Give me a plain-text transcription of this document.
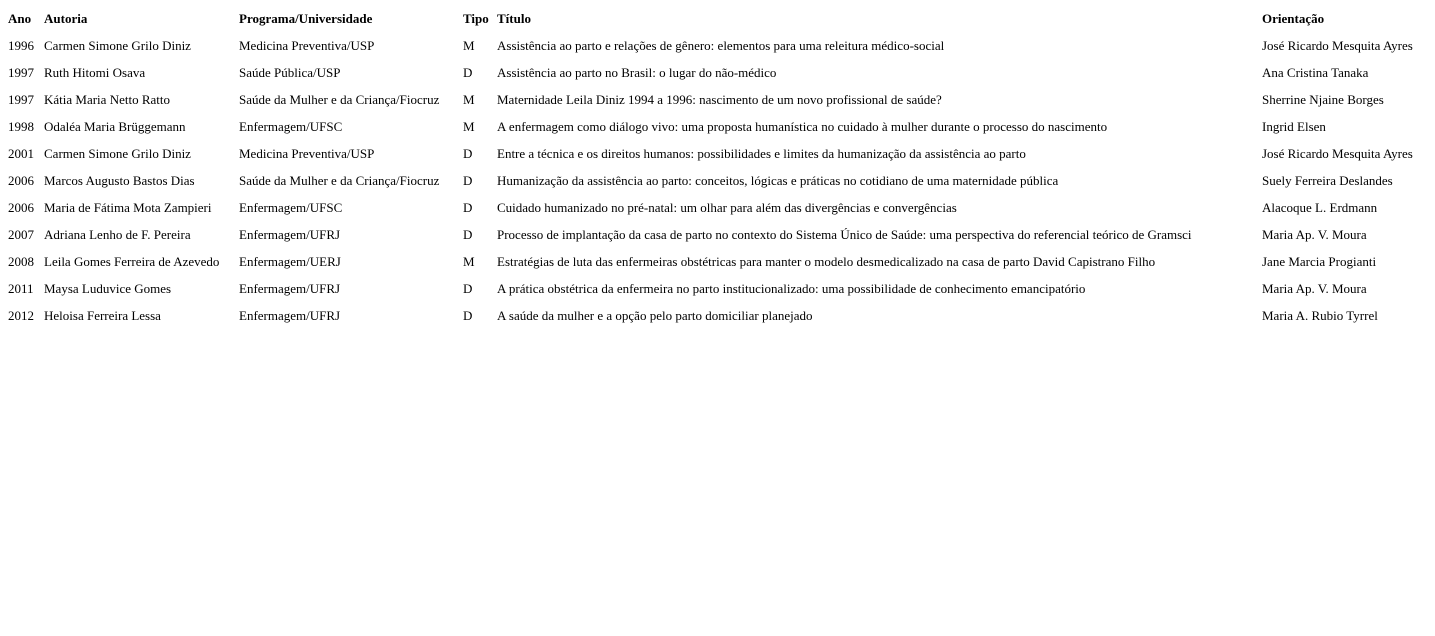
Ano	Autoria	Programa/Universidade	Tipo	Título	Orientação
1996	Carmen Simone Grilo Diniz	Medicina Preventiva/USP	M	Assistência ao parto e relações de gênero: elementos para uma releitura médico-social	José Ricardo Mesquita Ayres
1997	Ruth Hitomi Osava	Saúde Pública/USP	D	Assistência ao parto no Brasil: o lugar do não-médico	Ana Cristina Tanaka
1997	Kátia Maria Netto Ratto	Saúde da Mulher e da Criança/Fiocruz	M	Maternidade Leila Diniz 1994 a 1996: nascimento de um novo profissional de saúde?	Sherrine Njaine Borges
1998	Odaléa Maria Brüggemann	Enfermagem/UFSC	M	A enfermagem como diálogo vivo: uma proposta humanística no cuidado à mulher durante o processo do nascimento	Ingrid Elsen
2001	Carmen Simone Grilo Diniz	Medicina Preventiva/USP	D	Entre a técnica e os direitos humanos: possibilidades e limites da humanização da assistência ao parto	José Ricardo Mesquita Ayres
2006	Marcos Augusto Bastos Dias	Saúde da Mulher e da Criança/Fiocruz	D	Humanização da assistência ao parto: conceitos, lógicas e práticas no cotidiano de uma maternidade pública	Suely Ferreira Deslandes
2006	Maria de Fátima Mota Zampieri	Enfermagem/UFSC	D	Cuidado humanizado no pré-natal: um olhar para além das divergências e convergências	Alacoque L. Erdmann
2007	Adriana Lenho de F. Pereira	Enfermagem/UFRJ	D	Processo de implantação da casa de parto no contexto do Sistema Único de Saúde: uma perspectiva do referencial teórico de Gramsci	Maria Ap. V. Moura
2008	Leila Gomes Ferreira de Azevedo	Enfermagem/UERJ	M	Estratégias de luta das enfermeiras obstétricas para manter o modelo desmedicalizado na casa de parto David Capistrano Filho	Jane Marcia Progianti
2011	Maysa Luduvice Gomes	Enfermagem/UFRJ	D	A prática obstétrica da enfermeira no parto institucionalizado: uma possibilidade de conhecimento emancipatório	Maria Ap. V. Moura
2012	Heloisa Ferreira Lessa	Enfermagem/UFRJ	D	A saúde da mulher e a opção pelo parto domiciliar planejado	Maria A. Rubio Tyrrel
